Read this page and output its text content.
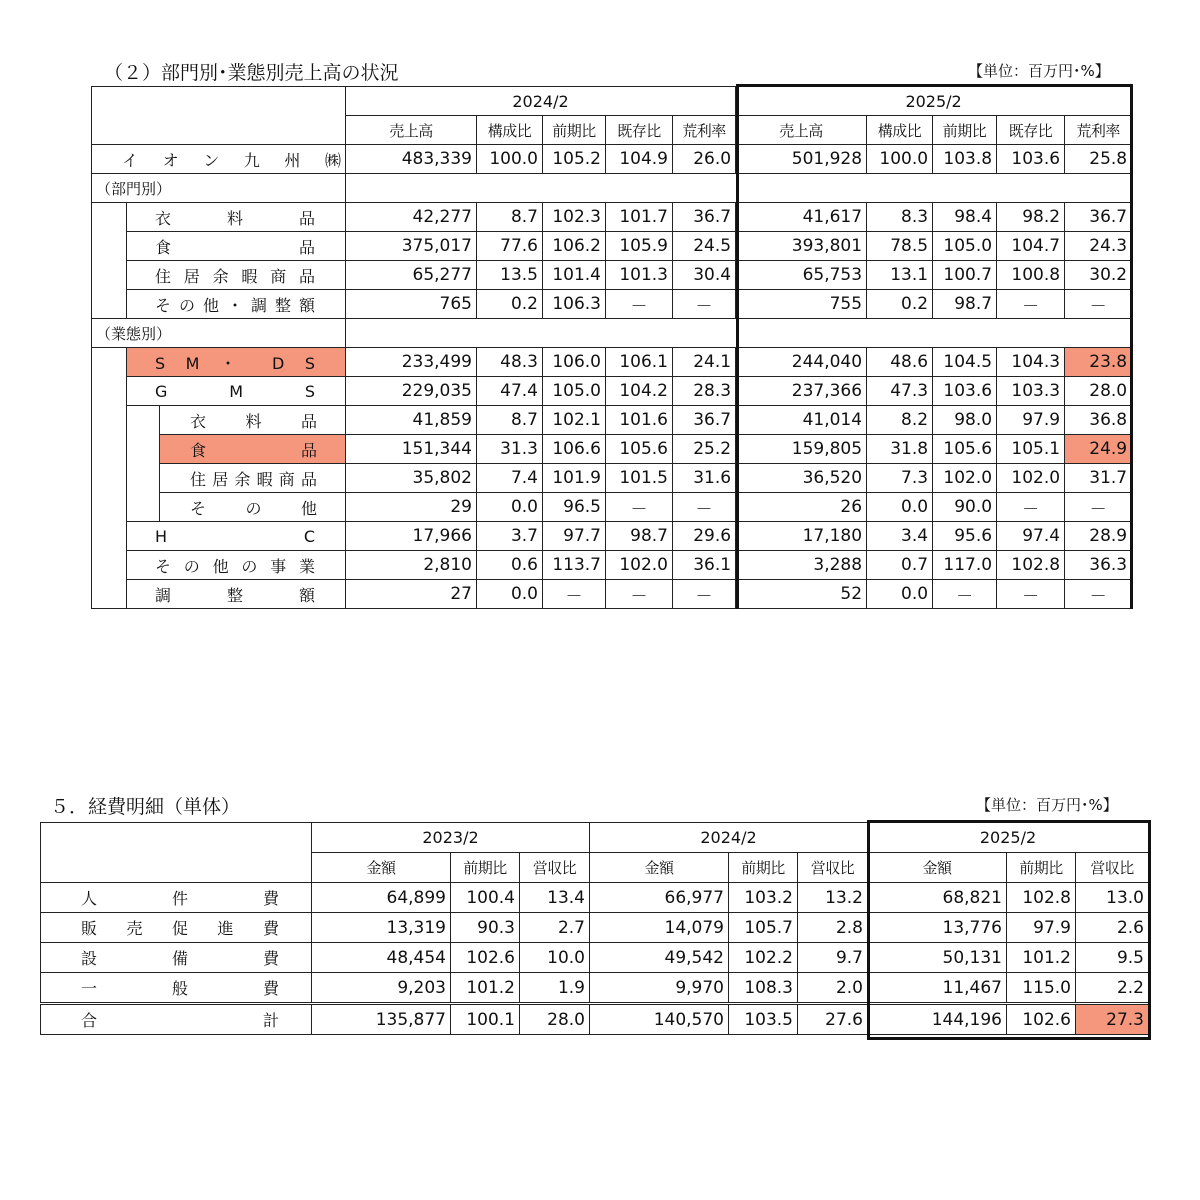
（２）部門別･業態別売上高の状況	【単位：百万円･%】
			2024/2					2025/2				
			売上高	構成比	前期比	既存比	荒利率	売上高	構成比	前期比	既存比	荒利率

イ オ ン 九 州 ㈱			483,339	100.0	105.2	104.9	26.0	501,928	100.0	103.8	103.6	25.8
（部門別）												

	衣 料 品		42,277	8.7	102.3	101.7	36.7	41,617	8.3	98.4	98.2	36.7

	食 品		375,017	77.6	106.2	105.9	24.5	393,801	78.5	105.0	104.7	24.3

	住 居 余 暇 商 品		65,277	13.5	101.4	101.3	30.4	65,753	13.1	100.7	100.8	30.2

	そ の 他 ・ 調 整 額		765	0.2	106.3	－	－	755	0.2	98.7	－	－
（業態別）												

	S M ・ D S		233,499	48.3	106.0	106.1	24.1	244,040	48.6	104.5	104.3	23.8

	G M S		229,035	47.4	105.0	104.2	28.3	237,366	47.3	103.6	103.3	28.0

		衣 料 品	41,859	8.7	102.1	101.6	36.7	41,014	8.2	98.0	97.9	36.8

		食 品	151,344	31.3	106.6	105.6	25.2	159,805	31.8	105.6	105.1	24.9

		住居余暇商品	35,802	7.4	101.9	101.5	31.6	36,520	7.3	102.0	102.0	31.7

		そ の 他	29	0.0	96.5	－	－	26	0.0	90.0	－	－

	H C		17,966	3.7	97.7	98.7	29.6	17,180	3.4	95.6	97.4	28.9

	そ の 他 の 事 業		2,810	0.6	113.7	102.0	36.1	3,288	0.7	117.0	102.8	36.3

	調 整 額		27	0.0	－	－	－	52	0.0	－	－	－
５．経費明細（単体）	【単位：百万円･%】
	2023/2			2024/2			2025/2		
	金額	前期比	営収比	金額	前期比	営収比	金額	前期比	営収比

人 件 費	64,899	100.4	13.4	66,977	103.2	13.2	68,821	102.8	13.0

販 売 促 進 費	13,319	90.3	2.7	14,079	105.7	2.8	13,776	97.9	2.6

設 備 費	48,454	102.6	10.0	49,542	102.2	9.7	50,131	101.2	9.5

一 般 費	9,203	101.2	1.9	9,970	108.3	2.0	11,467	115.0	2.2

合 計	135,877	100.1	28.0	140,570	103.5	27.6	144,196	102.6	27.3
